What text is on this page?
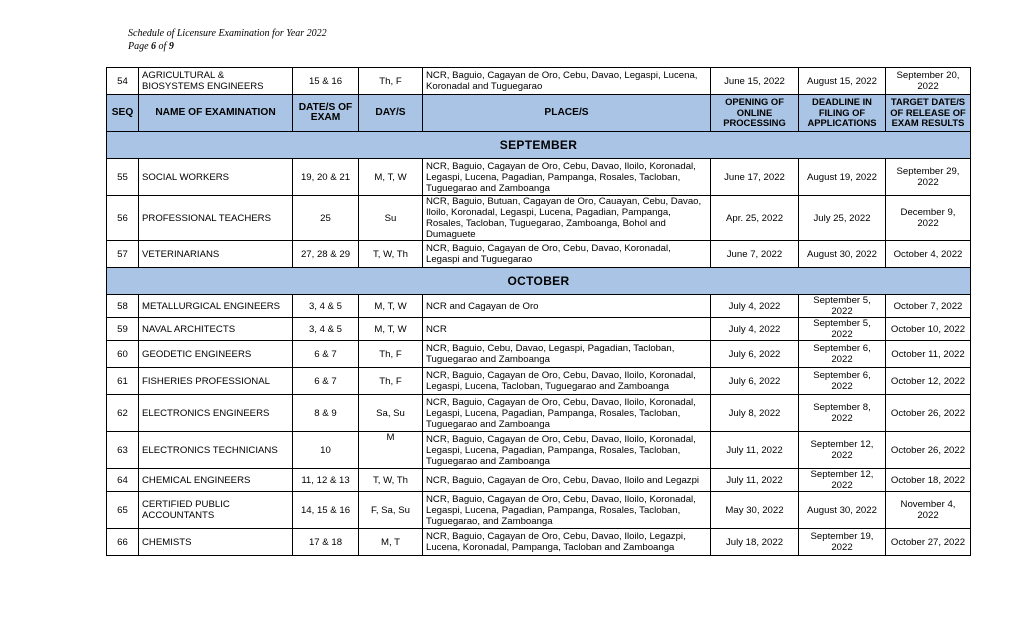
Schedule of Licensure Examination for Year 2022
Page 6 of 9
54	AGRICULTURAL & BIOSYSTEMS ENGINEERS	15 & 16	Th, F	NCR, Baguio, Cagayan de Oro, Cebu, Davao, Legaspi, Lucena, Koronadal and Tuguegarao	June 15, 2022	August 15, 2022	September 20, 2022
SEQ	NAME OF EXAMINATION	DATE/S OF EXAM	DAY/S	PLACE/S	OPENING OF ONLINE PROCESSING	DEADLINE IN FILING OF APPLICATIONS	TARGET DATE/S OF RELEASE OF EXAM RESULTS
SEPTEMBER							
55	SOCIAL WORKERS	19, 20 & 21	M, T, W	NCR, Baguio, Cagayan de Oro, Cebu, Davao, Iloilo, Koronadal, Legaspi, Lucena, Pagadian, Pampanga, Rosales, Tacloban, Tuguegarao and Zamboanga	June 17, 2022	August 19, 2022	September 29, 2022
56	PROFESSIONAL TEACHERS	25	Su	NCR, Baguio, Butuan, Cagayan de Oro, Cauayan, Cebu, Davao, Iloilo, Koronadal, Legaspi, Lucena, Pagadian, Pampanga, Rosales, Tacloban, Tuguegarao, Zamboanga, Bohol and Dumaguete	Apr. 25, 2022	July 25, 2022	December 9, 2022
57	VETERINARIANS	27, 28 & 29	T, W, Th	NCR, Baguio, Cagayan de Oro, Cebu, Davao, Koronadal, Legaspi and Tuguegarao	June 7, 2022	August 30, 2022	October 4, 2022
OCTOBER							
58	METALLURGICAL ENGINEERS	3, 4 & 5	M, T, W	NCR and Cagayan de Oro	July 4, 2022	September 5, 2022	October 7, 2022
59	NAVAL ARCHITECTS	3, 4 & 5	M, T, W	NCR	July 4, 2022	September 5, 2022	October 10, 2022
60	GEODETIC ENGINEERS	6 & 7	Th, F	NCR, Baguio, Cebu, Davao, Legaspi, Pagadian, Tacloban, Tuguegarao and Zamboanga	July 6, 2022	September 6, 2022	October 11, 2022
61	FISHERIES PROFESSIONAL	6 & 7	Th, F	NCR, Baguio, Cagayan de Oro, Cebu, Davao, Iloilo, Koronadal, Legaspi, Lucena, Tacloban, Tuguegarao and Zamboanga	July 6, 2022	September 6, 2022	October 12, 2022
62	ELECTRONICS ENGINEERS	8 & 9	Sa, Su	NCR, Baguio, Cagayan de Oro, Cebu, Davao, Iloilo, Koronadal, Legaspi, Lucena, Pagadian, Pampanga, Rosales, Tacloban, Tuguegarao and Zamboanga	July 8, 2022	September 8, 2022	October 26, 2022
63	ELECTRONICS TECHNICIANS	10	M	NCR, Baguio, Cagayan de Oro, Cebu, Davao, Iloilo, Koronadal, Legaspi, Lucena, Pagadian, Pampanga, Rosales, Tacloban, Tuguegarao and Zamboanga	July 11, 2022	September 12, 2022	October 26, 2022
64	CHEMICAL ENGINEERS	11, 12 & 13	T, W, Th	NCR, Baguio, Cagayan de Oro, Cebu, Davao, Iloilo and Legazpi	July 11, 2022	September 12, 2022	October 18, 2022
65	CERTIFIED PUBLIC ACCOUNTANTS	14, 15 & 16	F, Sa, Su	NCR, Baguio, Cagayan de Oro, Cebu, Davao, Iloilo, Koronadal, Legaspi, Lucena, Pagadian, Pampanga, Rosales, Tacloban, Tuguegarao, and Zamboanga	May 30, 2022	August 30, 2022	November 4, 2022
66	CHEMISTS	17 & 18	M, T	NCR, Baguio, Cagayan de Oro, Cebu, Davao, Iloilo, Legazpi, Lucena, Koronadal, Pampanga, Tacloban and Zamboanga	July 18, 2022	September 19, 2022	October 27, 2022
